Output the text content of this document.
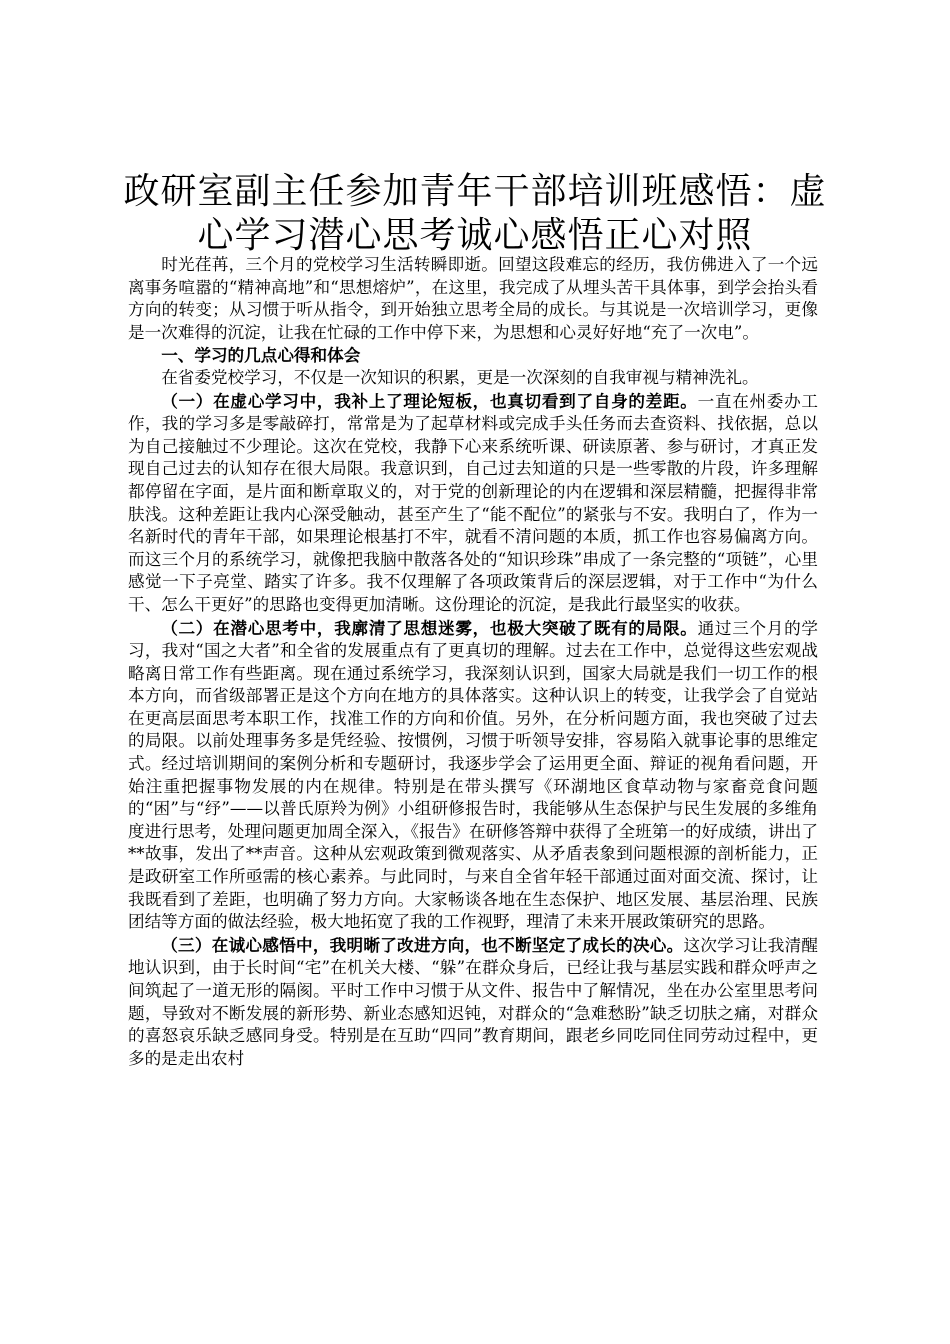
政研室副主任参加青年干部培训班感悟：虚心学习潜心思考诚心感悟正心对照

时光荏苒，三个月的党校学习生活转瞬即逝。回望这段难忘的经历，我仿佛进入了一个远离事务喧嚣的“精神高地”和“思想熔炉”，在这里，我完成了从埋头苦干具体事，到学会抬头看方向的转变；从习惯于听从指令，到开始独立思考全局的成长。与其说是一次培训学习，更像是一次难得的沉淀，让我在忙碌的工作中停下来，为思想和心灵好好地“充了一次电”。

一、学习的几点心得和体会

在省委党校学习，不仅是一次知识的积累，更是一次深刻的自我审视与精神洗礼。

（一）在虚心学习中，我补上了理论短板，也真切看到了自身的差距。一直在州委办工作，我的学习多是零敲碎打，常常是为了起草材料或完成手头任务而去查资料、找依据，总以为自己接触过不少理论。这次在党校，我静下心来系统听课、研读原著、参与研讨，才真正发现自己过去的认知存在很大局限。我意识到，自己过去知道的只是一些零散的片段，许多理解都停留在字面，是片面和断章取义的，对于党的创新理论的内在逻辑和深层精髓，把握得非常肤浅。这种差距让我内心深受触动，甚至产生了“能不配位”的紧张与不安。我明白了，作为一名新时代的青年干部，如果理论根基打不牢，就看不清问题的本质，抓工作也容易偏离方向。而这三个月的系统学习，就像把我脑中散落各处的“知识珍珠”串成了一条完整的“项链”，心里感觉一下子亮堂、踏实了许多。我不仅理解了各项政策背后的深层逻辑，对于工作中“为什么干、怎么干更好”的思路也变得更加清晰。这份理论的沉淀，是我此行最坚实的收获。

（二）在潜心思考中，我廓清了思想迷雾，也极大突破了既有的局限。通过三个月的学习，我对“国之大者”和全省的发展重点有了更真切的理解。过去在工作中，总觉得这些宏观战略离日常工作有些距离。现在通过系统学习，我深刻认识到，国家大局就是我们一切工作的根本方向，而省级部署正是这个方向在地方的具体落实。这种认识上的转变，让我学会了自觉站在更高层面思考本职工作，找准工作的方向和价值。另外，在分析问题方面，我也突破了过去的局限。以前处理事务多是凭经验、按惯例，习惯于听领导安排，容易陷入就事论事的思维定式。经过培训期间的案例分析和专题研讨，我逐步学会了运用更全面、辩证的视角看问题，开始注重把握事物发展的内在规律。特别是在带头撰写《环湖地区食草动物与家畜竞食问题的“困”与“纾”——以普氏原羚为例》小组研修报告时，我能够从生态保护与民生发展的多维角度进行思考，处理问题更加周全深入，《报告》在研修答辩中获得了全班第一的好成绩，讲出了**故事，发出了**声音。这种从宏观政策到微观落实、从矛盾表象到问题根源的剖析能力，正是政研室工作所亟需的核心素养。与此同时，与来自全省年轻干部通过面对面交流、探讨，让我既看到了差距，也明确了努力方向。大家畅谈各地在生态保护、地区发展、基层治理、民族团结等方面的做法经验，极大地拓宽了我的工作视野，理清了未来开展政策研究的思路。

（三）在诚心感悟中，我明晰了改进方向，也不断坚定了成长的决心。这次学习让我清醒地认识到，由于长时间“宅”在机关大楼、“躲”在群众身后，已经让我与基层实践和群众呼声之间筑起了一道无形的隔阂。平时工作中习惯于从文件、报告中了解情况，坐在办公室里思考问题，导致对不断发展的新形势、新业态感知迟钝，对群众的“急难愁盼”缺乏切肤之痛，对群众的喜怒哀乐缺乏感同身受。特别是在互助“四同”教育期间，跟老乡同吃同住同劳动过程中，更多的是走出农村
